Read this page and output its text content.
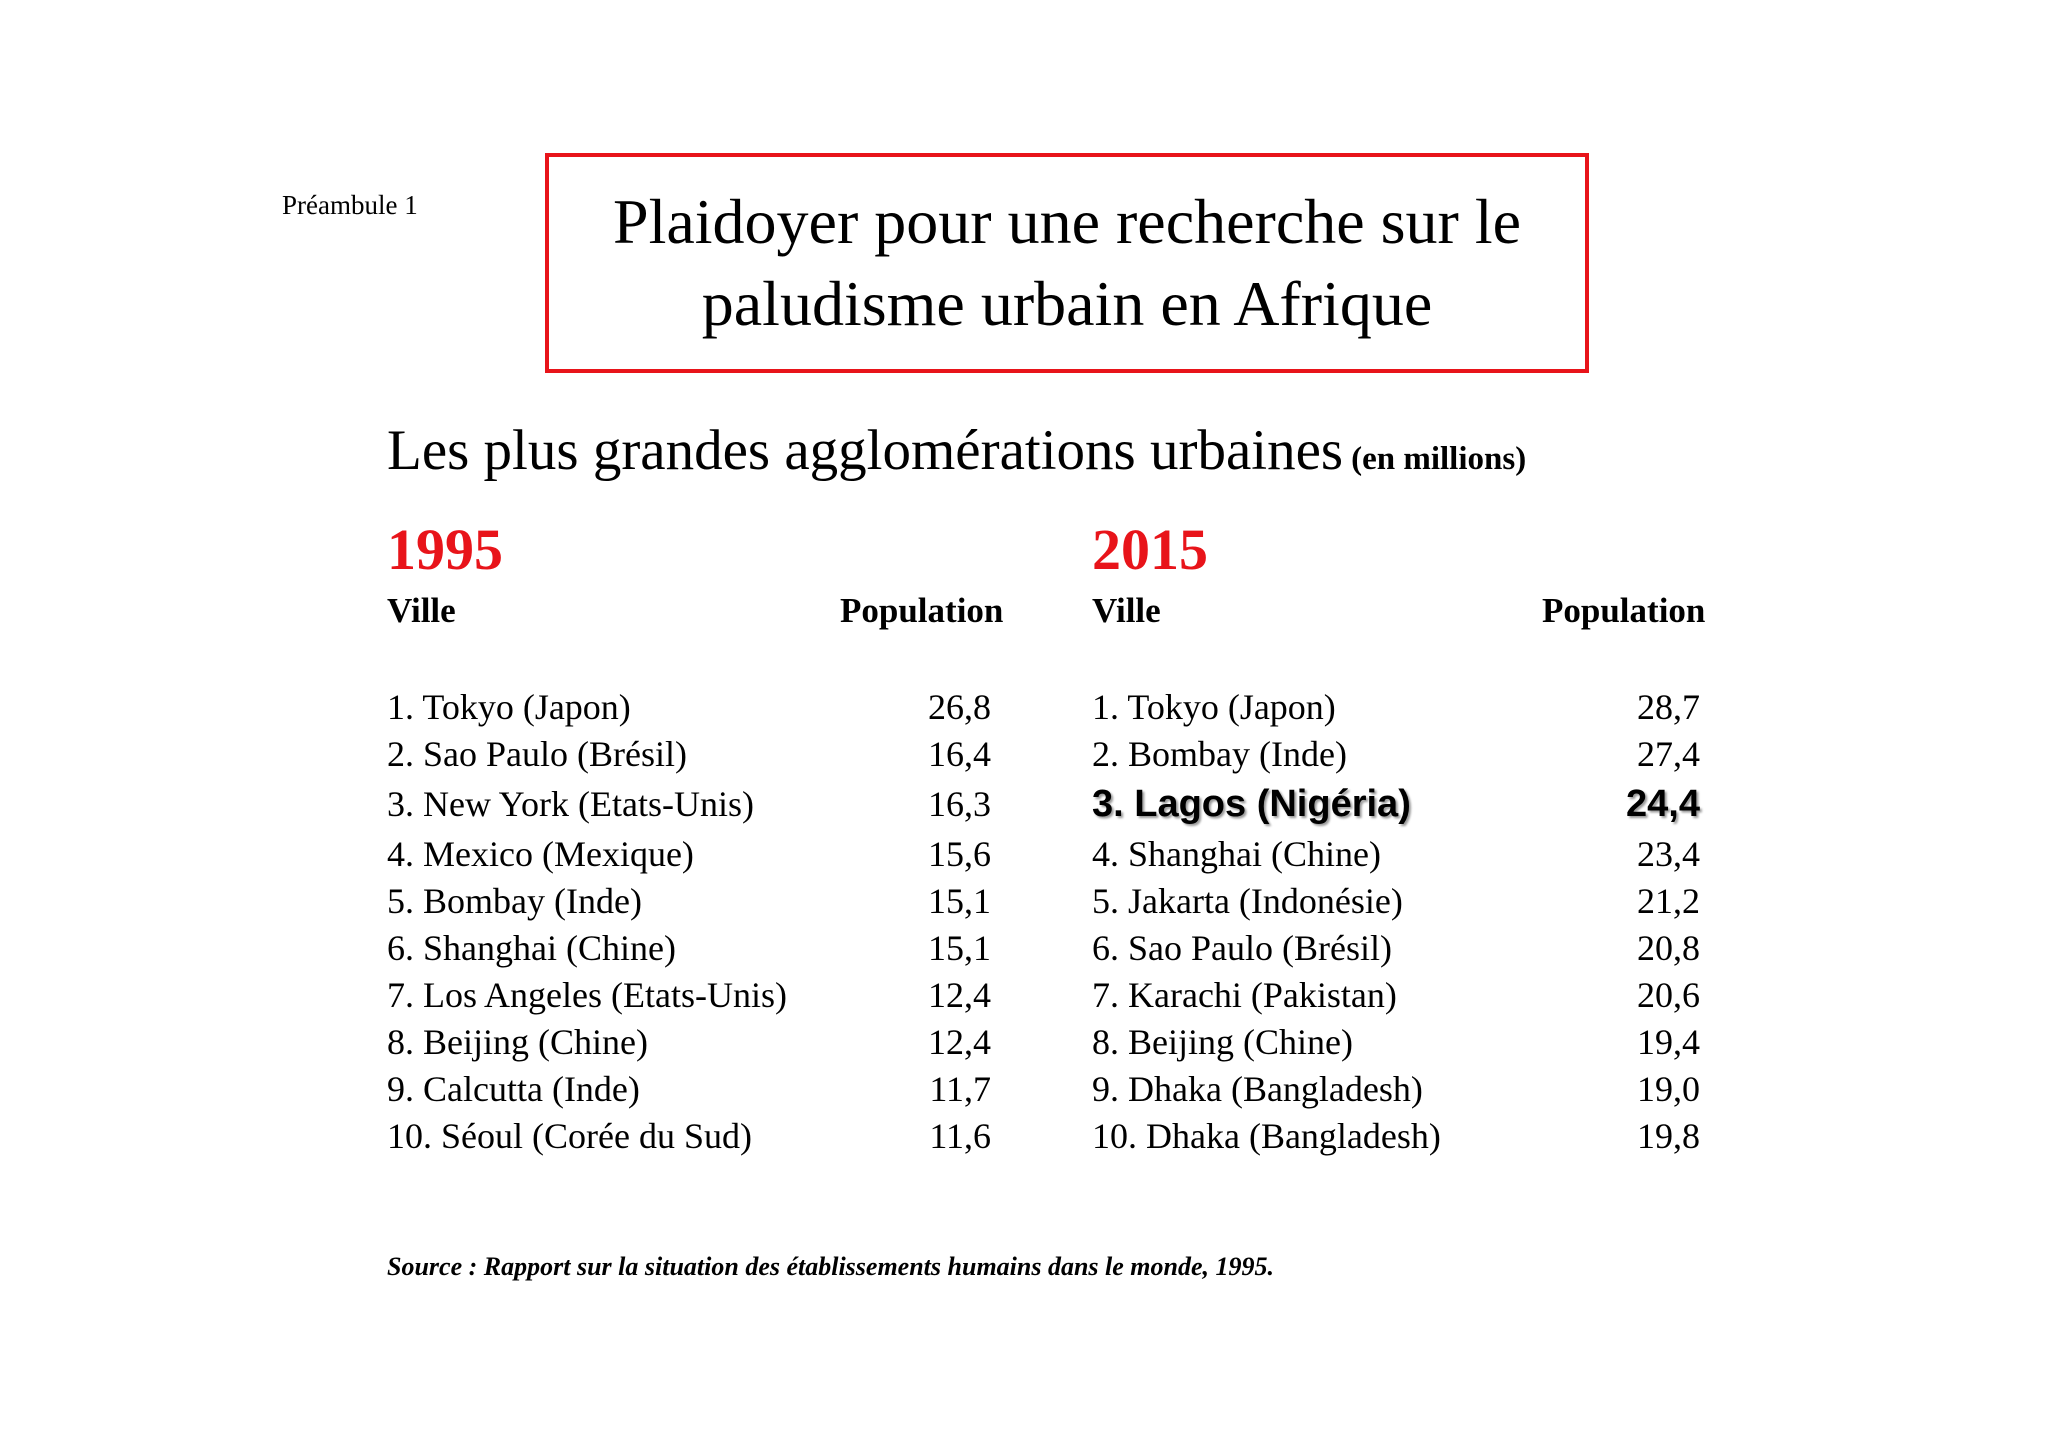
Préambule 1	Plaidoyer pour une recherche sur le
paludisme urbain en Afrique
Les plus grandes agglomérations urbaines (en millions)
1995
Ville	Population
1. Tokyo (Japon)	26,8
2. Sao Paulo (Brésil)	16,4
3. New York (Etats-Unis)	16,3
4. Mexico (Mexique)	15,6
5. Bombay (Inde)	15,1
6. Shanghai (Chine)	15,1
7. Los Angeles (Etats-Unis)	12,4
8. Beijing (Chine)	12,4
9. Calcutta (Inde)	11,7
10. Séoul (Corée du Sud)	11,6
2015
Ville	Population
1. Tokyo (Japon)	28,7
2. Bombay (Inde)	27,4
3. Lagos (Nigéria)	24,4
4. Shanghai (Chine)	23,4
5. Jakarta (Indonésie)	21,2
6. Sao Paulo (Brésil)	20,8
7. Karachi (Pakistan)	20,6
8. Beijing (Chine)	19,4
9. Dhaka (Bangladesh)	19,0
10. Dhaka (Bangladesh)	19,8
Source : Rapport sur la situation des établissements humains dans le monde, 1995.
